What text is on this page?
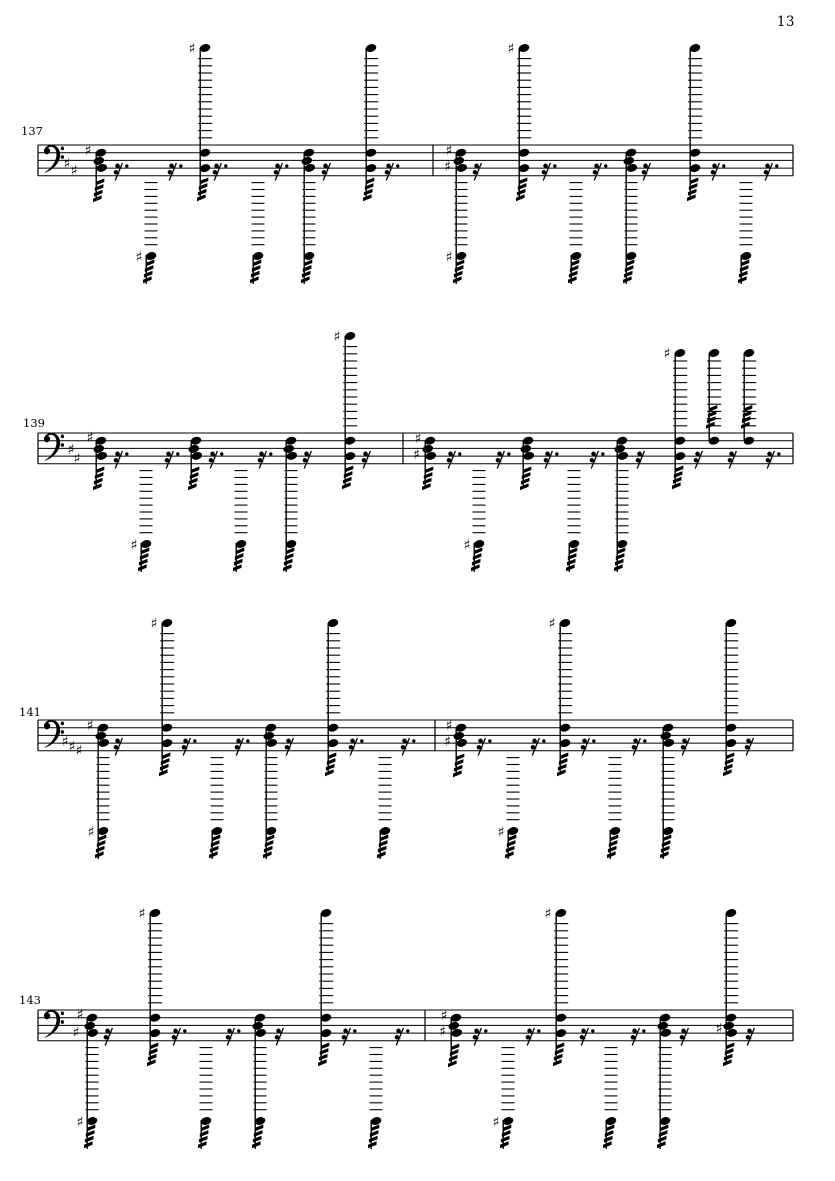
13
♯ ♯
♯
137
♯
♯
♯
♯
♯
♯
♯
♯
♯
139
♯
♯
♯
♯
♯
♯
♯ ♯ ♯
♯
141
♯
♯
♯
♯
♯
♯
♯
♯
143
♯
♯
♯
♯
♯
♯
♯
